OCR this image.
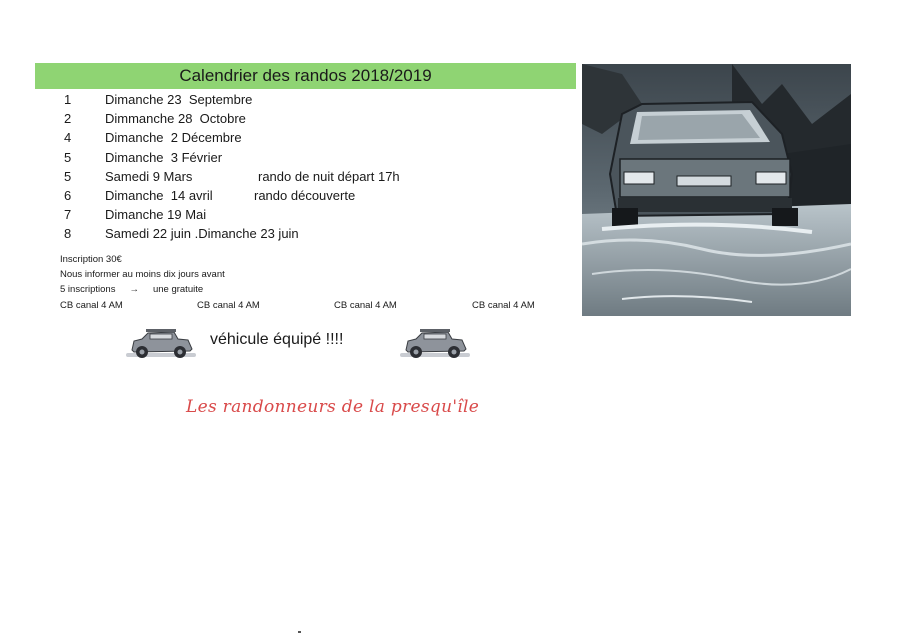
Calendrier des randos 2018/2019
1	Dimanche 23  Septembre
2	Dimmanche 28  Octobre
4	Dimanche  2 Décembre
5	Dimanche  3 Février
5	Samedi 9 Mars	rando de nuit départ 17h
6	Dimanche  14 avril	rando découverte
7	Dimanche 19 Mai
8	Samedi 22 juin .Dimanche 23 juin
Inscription 30€
Nous informer au moins dix jours avant
5 inscriptions → une gratuite
CB canal 4 AM	CB canal 4 AM	CB canal 4 AM	CB canal 4 AM
véhicule équipé !!!!
Les randonneurs de la presqu'île
